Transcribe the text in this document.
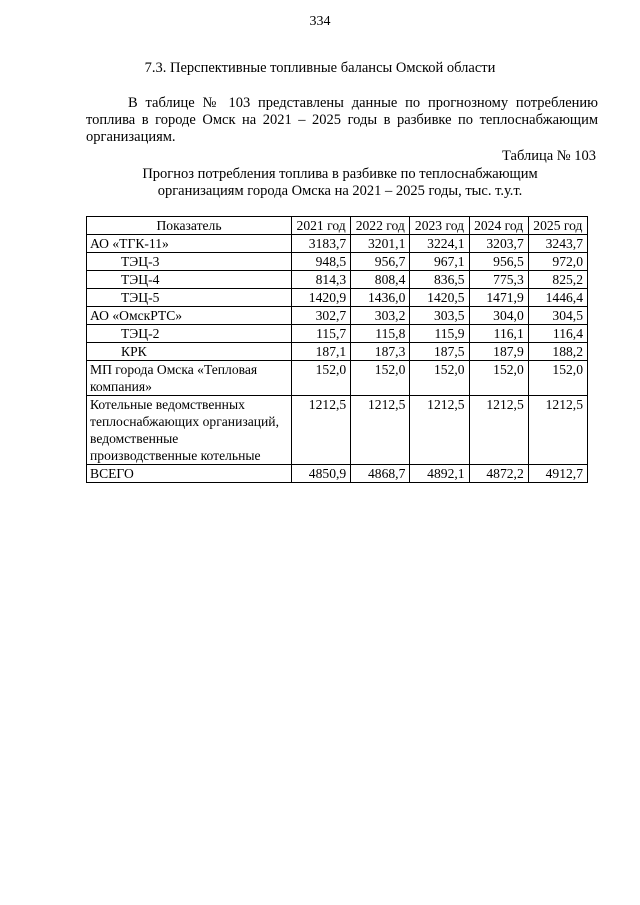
334
7.3. Перспективные топливные балансы Омской области

В таблице № 103 представлены данные по прогнозному потреблению топлива в городе Омск на 2021 – 2025 годы в разбивке по теплоснабжающим организациям.

Таблица № 103
Прогноз потребления топлива в разбивке по теплоснабжающим
организациям города Омска на 2021 – 2025 годы, тыс. т.у.т.
Показатель	2021 год	2022 год	2023 год	2024 год	2025 год
АО «ТГК-11»	3183,7	3201,1	3224,1	3203,7	3243,7
ТЭЦ-3	948,5	956,7	967,1	956,5	972,0
ТЭЦ-4	814,3	808,4	836,5	775,3	825,2
ТЭЦ-5	1420,9	1436,0	1420,5	1471,9	1446,4
АО «ОмскРТС»	302,7	303,2	303,5	304,0	304,5
ТЭЦ-2	115,7	115,8	115,9	116,1	116,4
КРК	187,1	187,3	187,5	187,9	188,2
МП города Омска «Тепловая компания»	152,0	152,0	152,0	152,0	152,0
Котельные ведомственных теплоснабжающих организаций, ведомственные производственные котельные	1212,5	1212,5	1212,5	1212,5	1212,5
ВСЕГО	4850,9	4868,7	4892,1	4872,2	4912,7
